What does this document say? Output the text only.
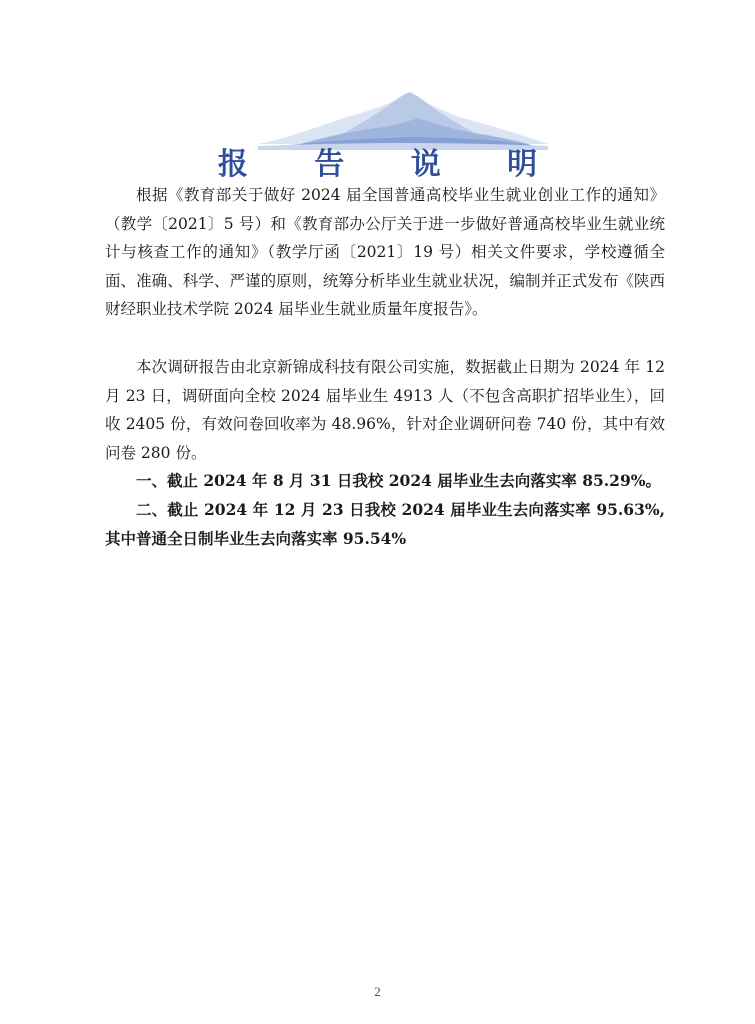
报 告 说 明

根据《教育部关于做好 2024 届全国普通高校毕业生就业创业工作的通知》（教学〔2021〕5 号）和《教育部办公厅关于进一步做好普通高校毕业生就业统计与核查工作的通知》（教学厅函〔2021〕19 号）相关文件要求，学校遵循全面、准确、科学、严谨的原则，统筹分析毕业生就业状况，编制并正式发布《陕西财经职业技术学院 2024 届毕业生就业质量年度报告》。

本次调研报告由北京新锦成科技有限公司实施，数据截止日期为 2024 年 12 月 23 日，调研面向全校 2024 届毕业生 4913 人（不包含高职扩招毕业生），回收 2405 份，有效问卷回收率为 48.96%，针对企业调研问卷 740 份，其中有效问卷 280 份。

一、截止 2024 年 8 月 31 日我校 2024 届毕业生去向落实率 85.29%。

二、截止 2024 年 12 月 23 日我校 2024 届毕业生去向落实率 95.63%,其中普通全日制毕业生去向落实率 95.54%

2
